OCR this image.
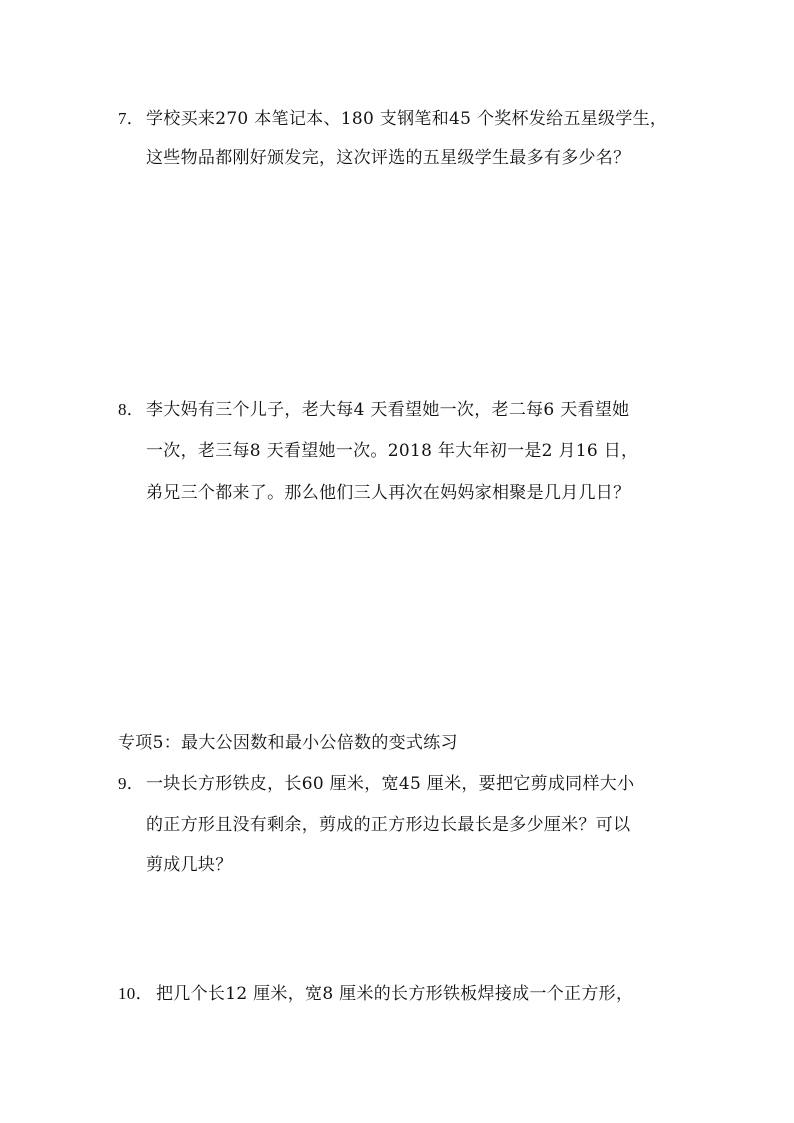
7． 学校买来270 本笔记本、180 支钢笔和45 个奖杯发给五星级学生，
这些物品都刚好颁发完，这次评选的五星级学生最多有多少名？
8． 李大妈有三个儿子，老大每4 天看望她一次，老二每6 天看望她
一次，老三每8 天看望她一次。2018 年大年初一是2 月16 日，
弟兄三个都来了。那么他们三人再次在妈妈家相聚是几月几日？
专项5：最大公因数和最小公倍数的变式练习
9． 一块长方形铁皮，长60 厘米，宽45 厘米，要把它剪成同样大小
的正方形且没有剩余，剪成的正方形边长最长是多少厘米？可以
剪成几块？
10． 把几个长12 厘米，宽8 厘米的长方形铁板焊接成一个正方形，
